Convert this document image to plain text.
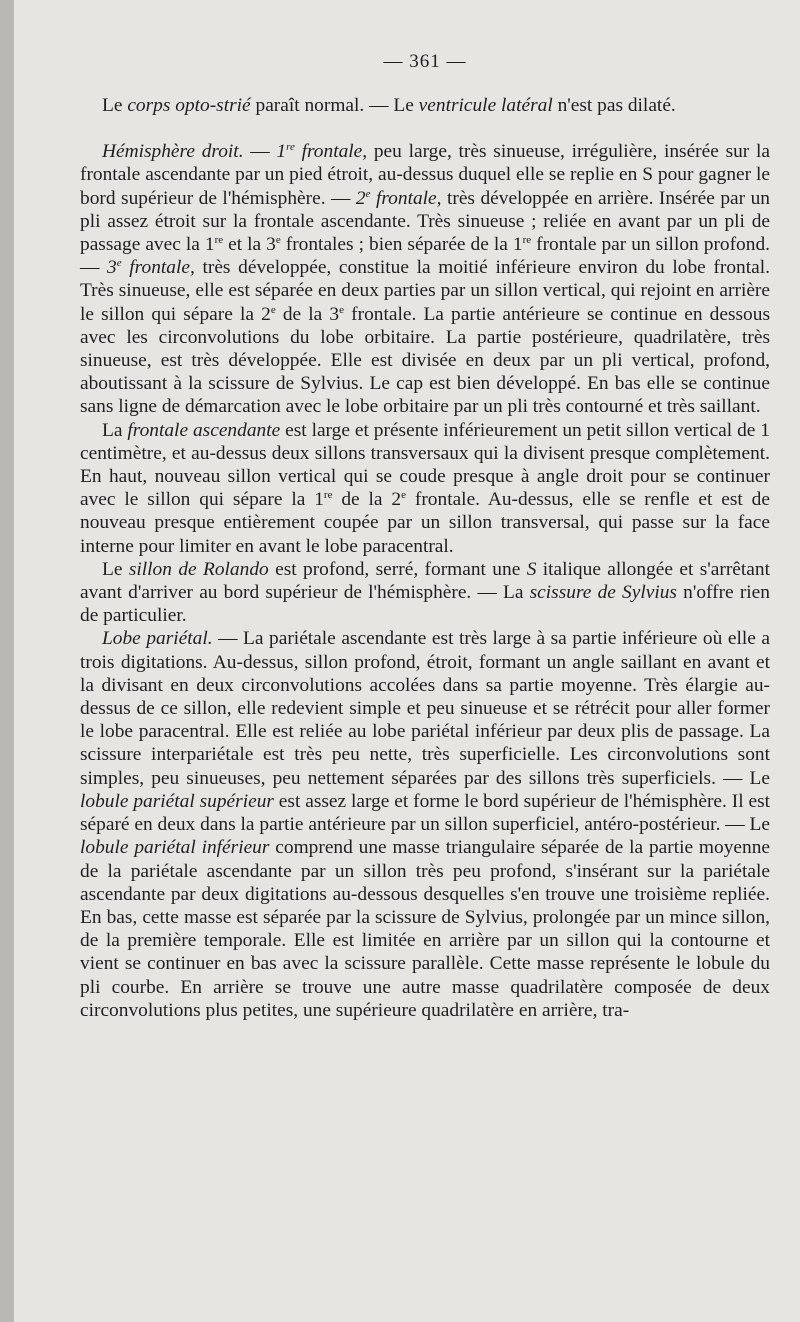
— 361 —

Le corps opto-strié paraît normal. — Le ventricule latéral n'est pas dilaté.

Hémisphère droit. — 1re frontale, peu large, très sinueuse, irrégulière, insérée sur la frontale ascendante par un pied étroit, au-dessus duquel elle se replie en S pour gagner le bord supérieur de l'hémisphère. — 2e frontale, très développée en arrière. Insérée par un pli assez étroit sur la frontale ascendante. Très sinueuse ; reliée en avant par un pli de passage avec la 1re et la 3e frontales ; bien séparée de la 1re frontale par un sillon profond. — 3e frontale, très développée, constitue la moitié inférieure environ du lobe frontal. Très sinueuse, elle est séparée en deux parties par un sillon vertical, qui rejoint en arrière le sillon qui sépare la 2e de la 3e frontale. La partie antérieure se continue en dessous avec les circonvolutions du lobe orbitaire. La partie postérieure, quadrilatère, très sinueuse, est très développée. Elle est divisée en deux par un pli vertical, profond, aboutissant à la scissure de Sylvius. Le cap est bien développé. En bas elle se continue sans ligne de démarcation avec le lobe orbitaire par un pli très contourné et très saillant.

La frontale ascendante est large et présente inférieurement un petit sillon vertical de 1 centimètre, et au-dessus deux sillons transversaux qui la divisent presque complètement. En haut, nouveau sillon vertical qui se coude presque à angle droit pour se continuer avec le sillon qui sépare la 1re de la 2e frontale. Au-dessus, elle se renfle et est de nouveau presque entièrement coupée par un sillon transversal, qui passe sur la face interne pour limiter en avant le lobe paracentral.

Le sillon de Rolando est profond, serré, formant une S italique allongée et s'arrêtant avant d'arriver au bord supérieur de l'hémisphère. — La scissure de Sylvius n'offre rien de particulier.

Lobe pariétal. — La pariétale ascendante est très large à sa partie inférieure où elle a trois digitations. Au-dessus, sillon profond, étroit, formant un angle saillant en avant et la divisant en deux circonvolutions accolées dans sa partie moyenne. Très élargie au-dessus de ce sillon, elle redevient simple et peu sinueuse et se rétrécit pour aller former le lobe paracentral. Elle est reliée au lobe pariétal inférieur par deux plis de passage. La scissure interpariétale est très peu nette, très superficielle. Les circonvolutions sont simples, peu sinueuses, peu nettement séparées par des sillons très superficiels. — Le lobule pariétal supérieur est assez large et forme le bord supérieur de l'hémisphère. Il est séparé en deux dans la partie antérieure par un sillon superficiel, antéro-postérieur. — Le lobule pariétal inférieur comprend une masse triangulaire séparée de la partie moyenne de la pariétale ascendante par un sillon très peu profond, s'insérant sur la pariétale ascendante par deux digitations au-dessous desquelles s'en trouve une troisième repliée. En bas, cette masse est séparée par la scissure de Sylvius, prolongée par un mince sillon, de la première temporale. Elle est limitée en arrière par un sillon qui la contourne et vient se continuer en bas avec la scissure parallèle. Cette masse représente le lobule du pli courbe. En arrière se trouve une autre masse quadrilatère composée de deux circonvolutions plus petites, une supérieure quadrilatère en arrière, tra-
